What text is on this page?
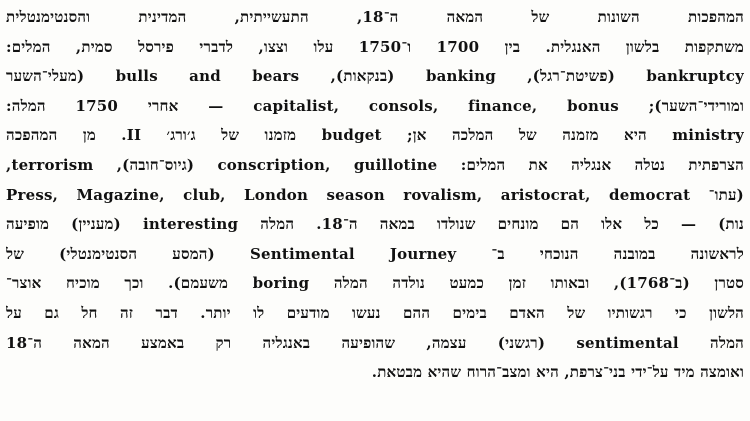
המהפכות השונות של המאה ה־18, התעשייתית, המדינית והסנטימנטלית
משתקפות בלשון האנגלית. בין 1700 ו־1750 עלו וצצו, לדברי פירסל סמית, המלים:
bankruptcy (פשיטת־רגל), banking (בנקאות), bulls and bears (מעלי־השער
ומורידי־השער); capitalist, consols, finance, bonus — אחרי 1750 המלה:
ministry היא מזמנה של המלכה אן; budget מזמנו של ג׳ורג׳ II. מן המהפכה
הצרפתית נטלה אנגליה את המלים: conscription, guillotine (גיוס־חובה), terrorism,
(עתו־ Press, Magazine, club, London season rovalism, aristocrat, democrat
נות) — כל אלו הם מונחים שנולדו במאה ה־18. המלה interesting (מעניין) מופיעה
לראשונה במובנה הנוכחי ב־ Sentimental Journey (המסע הסנטימנטלי) של
סטרן (ב־1768), ובאותו זמן כמעט נולדה המלה boring משעמם). וכך מוכיח אוצר־
הלשון כי רגשותיו של האדם בימים ההם נעשו מודעים לו יותר. דבר זה חל גם על
המלה sentimental (רגשני) עצמה, שהופיעה באנגליה רק באמצע המאה ה־18
ואומצה מיד על־ידי בני־צרפת, היא ומצב־הרוח שהיא מבטאת.
